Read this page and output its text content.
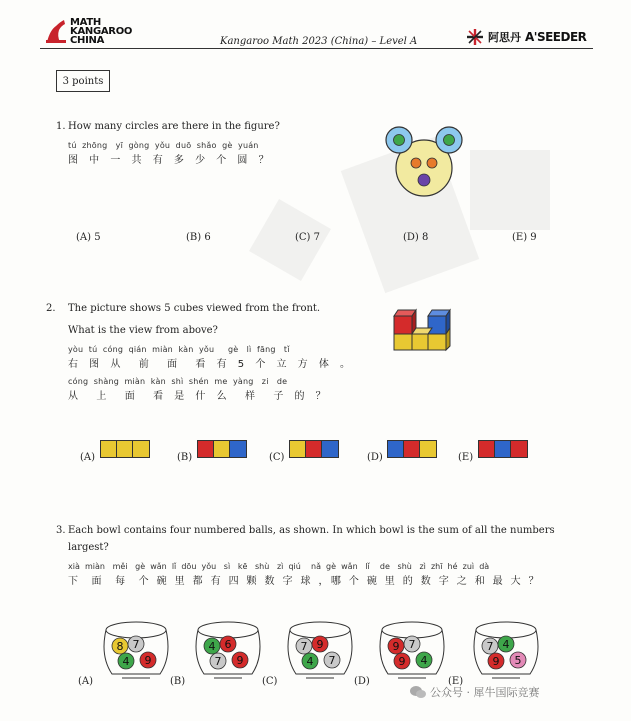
MATH
KANGAROO
CHINA	Kangaroo Math 2023 (China) – Level A	阿思丹 A'SEEDER
3 points
1. How many circles are there in the figure?
tú  zhōng   yī  gòng  yǒu  duō  shǎo  gè  yuán
图 中 一 共 有 多 少 个 圆 ？
(A) 5	(B) 6	(C) 7	(D) 8	(E) 9
2. The picture shows 5 cubes viewed from the front.
What is the view from above?
yòu  tú  cóng  qián  miàn  kàn  yǒu     gè   lì  fāng   tǐ
右 图 从  前  面  看 有 5 个 立 方 体 。
cóng  shàng  miàn  kàn  shì  shén  me  yàng   zi   de
从  上  面  看 是 什 么  样  子 的 ？
(A)	(B)	(C)	(D)	(E)
3. Each bowl contains four numbered balls, as shown. In which bowl is the sum of all the numbers
largest?
xià  miàn   měi   gè  wǎn  lǐ  dōu  yǒu   sì   kē   shù   zì  qiú    nǎ  gè  wǎn   lǐ    de   shù   zì  zhī  hé  zuì  dà
下  面  每  个 碗 里 都 有 四 颗 数 字 球 ，哪 个 碗 里 的 数 字 之 和 最 大 ？
(A)
8 7
4 9
(B)
4 6
7 9
(C)
7 9
4 7
(D)
9 7
9 4
(E)
7 4
9 5
公众号 · 犀牛国际竞赛
